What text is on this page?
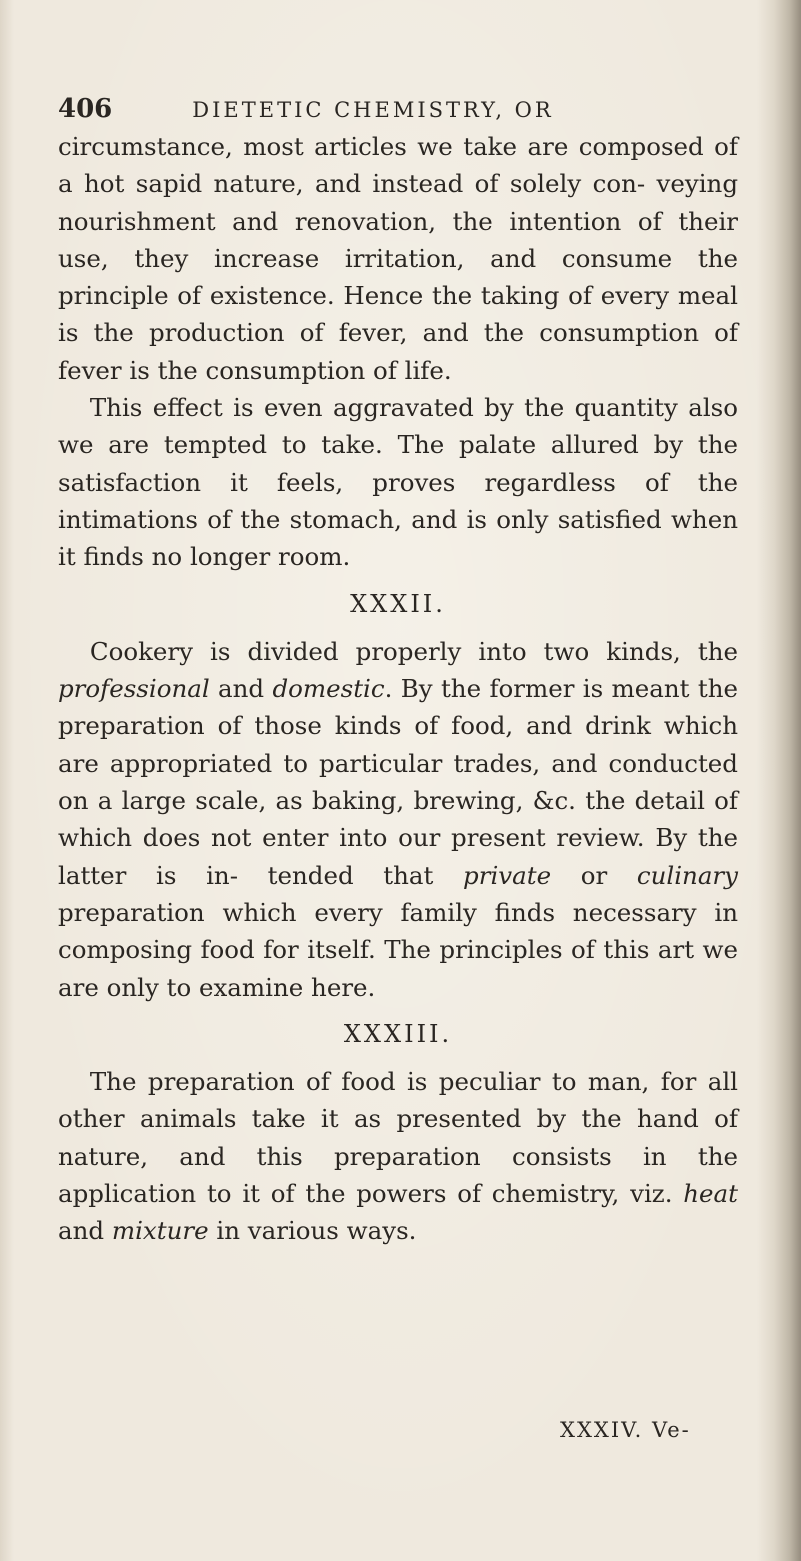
406	DIETETIC CHEMISTRY, OR

circumstance, most articles we take are composed of a hot sapid nature, and instead of solely con- veying nourishment and renovation, the intention of their use, they increase irritation, and consume the principle of existence. Hence the taking of every meal is the production of fever, and the consumption of fever is the consumption of life.

This effect is even aggravated by the quantity also we are tempted to take. The palate allured by the satisfaction it feels, proves regardless of the intimations of the stomach, and is only satisfied when it finds no longer room.

XXXII.

Cookery is divided properly into two kinds, the professional and domestic. By the former is meant the preparation of those kinds of food, and drink which are appropriated to particular trades, and conducted on a large scale, as baking, brewing, &c. the detail of which does not enter into our present review. By the latter is in- tended that private or culinary preparation which every family finds necessary in composing food for itself. The principles of this art we are only to examine here.

XXXIII.

The preparation of food is peculiar to man, for all other animals take it as presented by the hand of nature, and this preparation consists in the application to it of the powers of chemistry, viz. heat and mixture in various ways.

XXXIV. Ve-
